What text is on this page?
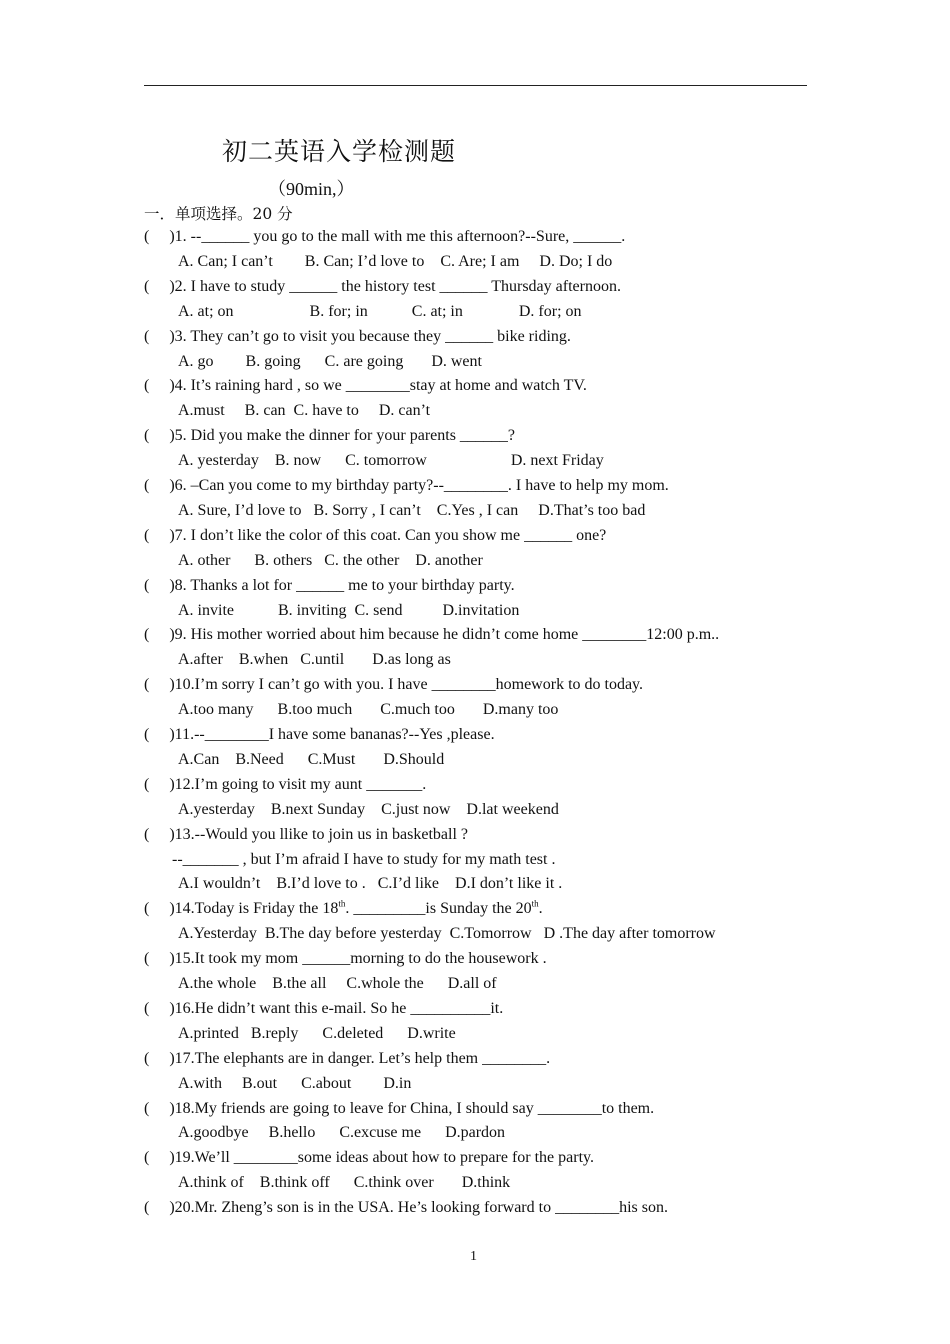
初二英语入学检测题
（90min,）
一．单项选择。20 分
(     )1. --______ you go to the mall with me this afternoon?--Sure, ______.
A. Can; I can’t        B. Can; I’d love to    C. Are; I am     D. Do; I do
(     )2. I have to study ______ the history test ______ Thursday afternoon.
A. at; on                   B. for; in           C. at; in              D. for; on
(     )3. They can’t go to visit you because they ______ bike riding.
A. go        B. going      C. are going       D. went
(     )4. It’s raining hard , so we ________stay at home and watch TV.
A.must     B. can  C. have to     D. can’t
(     )5. Did you make the dinner for your parents ______?
A. yesterday    B. now      C. tomorrow                     D. next Friday
(     )6. –Can you come to my birthday party?--________. I have to help my mom.
A. Sure, I’d love to   B. Sorry , I can’t    C.Yes , I can     D.That’s too bad
(     )7. I don’t like the color of this coat. Can you show me ______ one?
A. other      B. others   C. the other    D. another
(     )8. Thanks a lot for ______ me to your birthday party.
A. invite           B. inviting  C. send          D.invitation
(     )9. His mother worried about him because he didn’t come home ________12:00 p.m..
A.after    B.when   C.until       D.as long as
(     )10.I’m sorry I can’t go with you. I have ________homework to do today.
A.too many      B.too much       C.much too       D.many too
(     )11.--________I have some bananas?--Yes ,please.
A.Can    B.Need      C.Must       D.Should
(     )12.I’m going to visit my aunt _______.
A.yesterday    B.next Sunday    C.just now    D.lat weekend
(     )13.--Would you llike to join us in basketball ?
--_______ , but I’m afraid I have to study for my math test .
A.I wouldn’t    B.I’d love to .   C.I’d like    D.I don’t like it .
(     )14.Today is Friday the 18th. _________is Sunday the 20th.
A.Yesterday  B.The day before yesterday  C.Tomorrow   D .The day after tomorrow
(     )15.It took my mom ______morning to do the housework .
A.the whole    B.the all     C.whole the      D.all of
(     )16.He didn’t want this e-mail. So he __________it.
A.printed   B.reply      C.deleted      D.write
(     )17.The elephants are in danger. Let’s help them ________.
A.with     B.out      C.about        D.in
(     )18.My friends are going to leave for China, I should say ________to them.
A.goodbye     B.hello      C.excuse me      D.pardon
(     )19.We’ll ________some ideas about how to prepare for the party.
A.think of    B.think off      C.think over       D.think
(     )20.Mr. Zheng’s son is in the USA. He’s looking forward to ________his son.
1
